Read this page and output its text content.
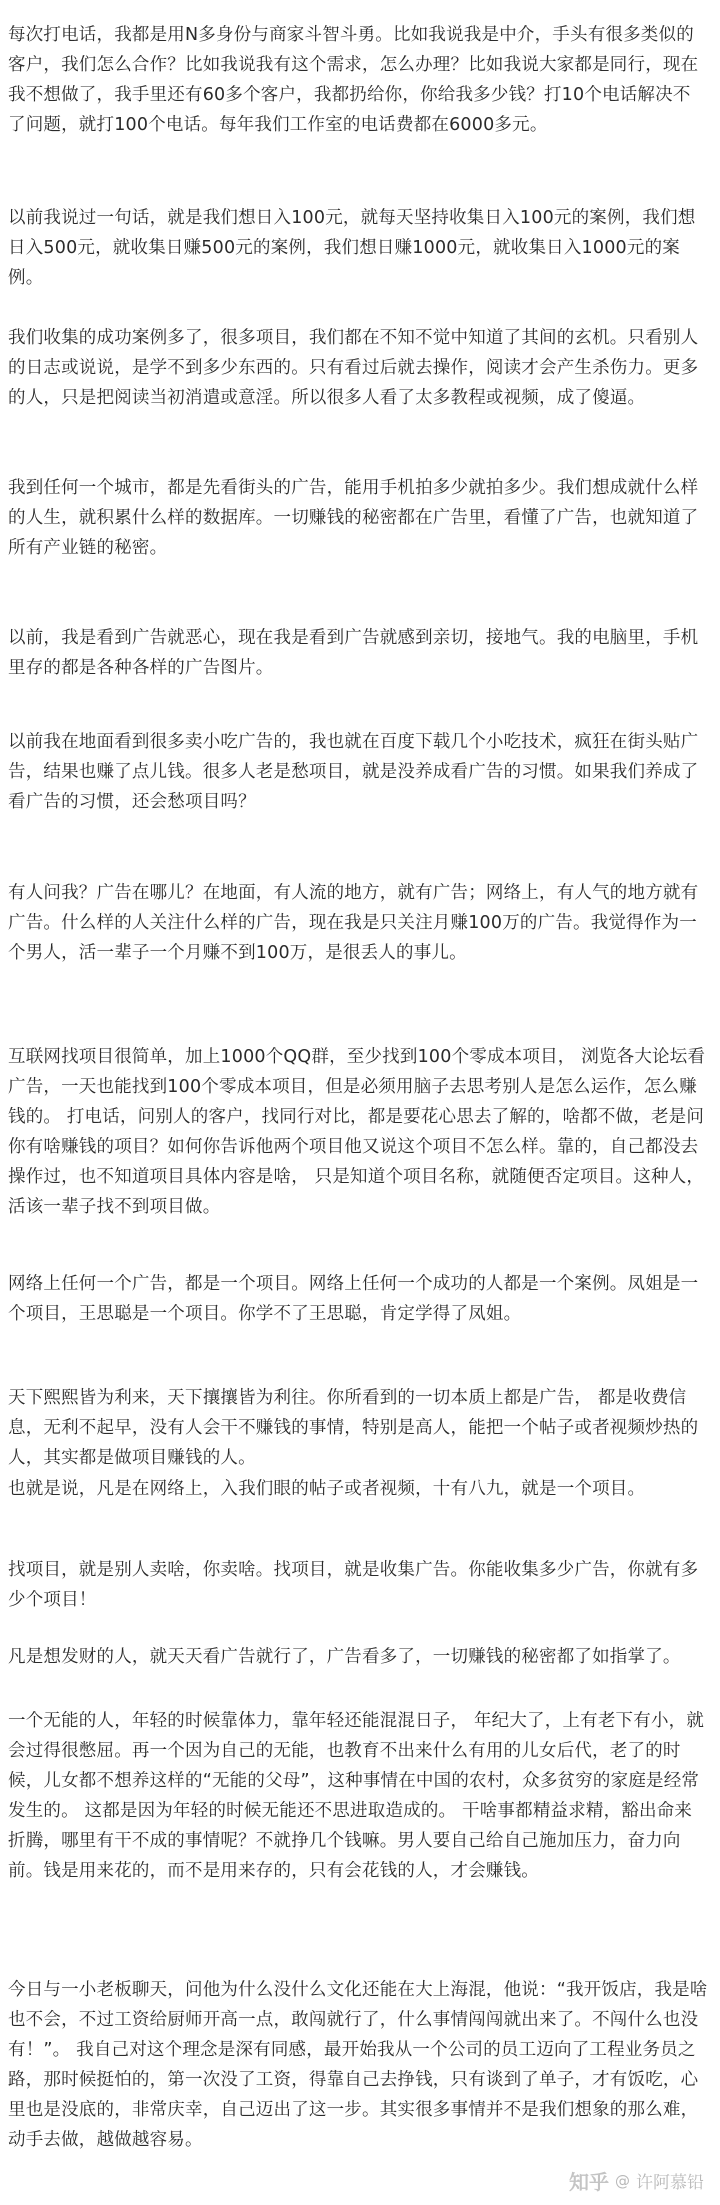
每次打电话，我都是用N多身份与商家斗智斗勇。比如我说我是中介，手头有很多类似的客户，我们怎么合作？比如我说我有这个需求，怎么办理？比如我说大家都是同行，现在我不想做了，我手里还有60多个客户，我都扔给你，你给我多少钱？打10个电话解决不了问题，就打100个电话。每年我们工作室的电话费都在6000多元。

以前我说过一句话，就是我们想日入100元，就每天坚持收集日入100元的案例，我们想日入500元，就收集日赚500元的案例，我们想日赚1000元，就收集日入1000元的案例。

我们收集的成功案例多了，很多项目，我们都在不知不觉中知道了其间的玄机。只看别人的日志或说说，是学不到多少东西的。只有看过后就去操作，阅读才会产生杀伤力。更多的人，只是把阅读当初消遣或意淫。所以很多人看了太多教程或视频，成了傻逼。

我到任何一个城市，都是先看街头的广告，能用手机拍多少就拍多少。我们想成就什么样的人生，就积累什么样的数据库。一切赚钱的秘密都在广告里，看懂了广告，也就知道了所有产业链的秘密。

以前，我是看到广告就恶心，现在我是看到广告就感到亲切，接地气。我的电脑里，手机里存的都是各种各样的广告图片。

以前我在地面看到很多卖小吃广告的，我也就在百度下载几个小吃技术，疯狂在街头贴广告，结果也赚了点儿钱。很多人老是愁项目，就是没养成看广告的习惯。如果我们养成了看广告的习惯，还会愁项目吗？

有人问我？广告在哪儿？在地面，有人流的地方，就有广告；网络上，有人气的地方就有广告。什么样的人关注什么样的广告，现在我是只关注月赚100万的广告。我觉得作为一个男人，活一辈子一个月赚不到100万，是很丢人的事儿。

互联网找项目很简单，加上1000个QQ群，至少找到100个零成本项目， 浏览各大论坛看广告，一天也能找到100个零成本项目，但是必须用脑子去思考别人是怎么运作，怎么赚钱的。 打电话，问别人的客户，找同行对比，都是要花心思去了解的，啥都不做，老是问你有啥赚钱的项目？如何你告诉他两个项目他又说这个项目不怎么样。靠的，自己都没去操作过，也不知道项目具体内容是啥， 只是知道个项目名称，就随便否定项目。这种人，活该一辈子找不到项目做。

网络上任何一个广告，都是一个项目。网络上任何一个成功的人都是一个案例。凤姐是一个项目，王思聪是一个项目。你学不了王思聪，肯定学得了凤姐。

天下熙熙皆为利来，天下攘攘皆为利往。你所看到的一切本质上都是广告， 都是收费信息，无利不起早，没有人会干不赚钱的事情，特别是高人，能把一个帖子或者视频炒热的人，其实都是做项目赚钱的人。

也就是说，凡是在网络上，入我们眼的帖子或者视频，十有八九，就是一个项目。

找项目，就是别人卖啥，你卖啥。找项目，就是收集广告。你能收集多少广告，你就有多少个项目！

凡是想发财的人，就天天看广告就行了，广告看多了，一切赚钱的秘密都了如指掌了。

一个无能的人，年轻的时候靠体力，靠年轻还能混混日子， 年纪大了，上有老下有小，就会过得很憋屈。再一个因为自己的无能，也教育不出来什么有用的儿女后代，老了的时候，儿女都不想养这样的“无能的父母”，这种事情在中国的农村，众多贫穷的家庭是经常发生的。 这都是因为年轻的时候无能还不思进取造成的。 干啥事都精益求精，豁出命来折腾，哪里有干不成的事情呢？不就挣几个钱嘛。男人要自己给自己施加压力，奋力向前。钱是用来花的，而不是用来存的，只有会花钱的人，才会赚钱。

今日与一小老板聊天，问他为什么没什么文化还能在大上海混，他说：“我开饭店，我是啥也不会，不过工资给厨师开高一点，敢闯就行了，什么事情闯闯就出来了。不闯什么也没有！”。 我自己对这个理念是深有同感，最开始我从一个公司的员工迈向了工程业务员之路，那时候挺怕的，第一次没了工资，得靠自己去挣钱，只有谈到了单子，才有饭吃，心里也是没底的，非常庆幸，自己迈出了这一步。其实很多事情并不是我们想象的那么难，动手去做，越做越容易。

知乎 @ 许阿慕铅
